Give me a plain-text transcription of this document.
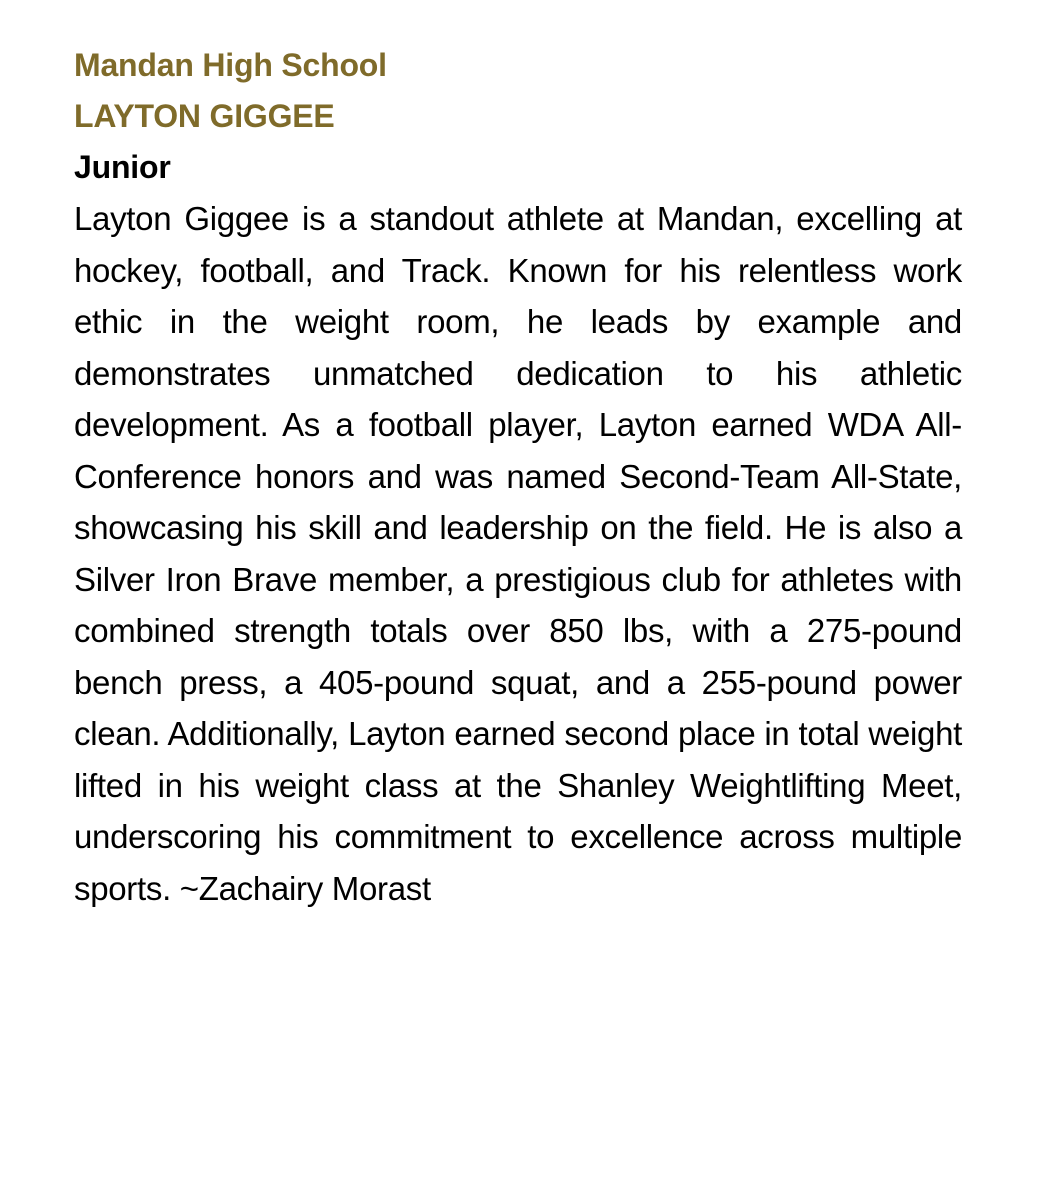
Mandan High School
LAYTON GIGGEE
Junior

Layton Giggee is a standout athlete at Mandan, excelling at hockey, football, and Track. Known for his relentless work ethic in the weight room, he leads by example and demonstrates unmatched dedication to his athletic development. As a football player, Layton earned WDA All-Conference honors and was named Second-Team All-State, showcasing his skill and leadership on the field. He is also a Silver Iron Brave member, a prestigious club for athletes with combined strength totals over 850 lbs, with a 275-pound bench press, a 405-pound squat, and a 255-pound power clean. Additionally, Layton earned second place in total weight lifted in his weight class at the Shanley Weightlifting Meet, underscoring his commitment to excellence across multiple sports. ~Zachairy Morast
